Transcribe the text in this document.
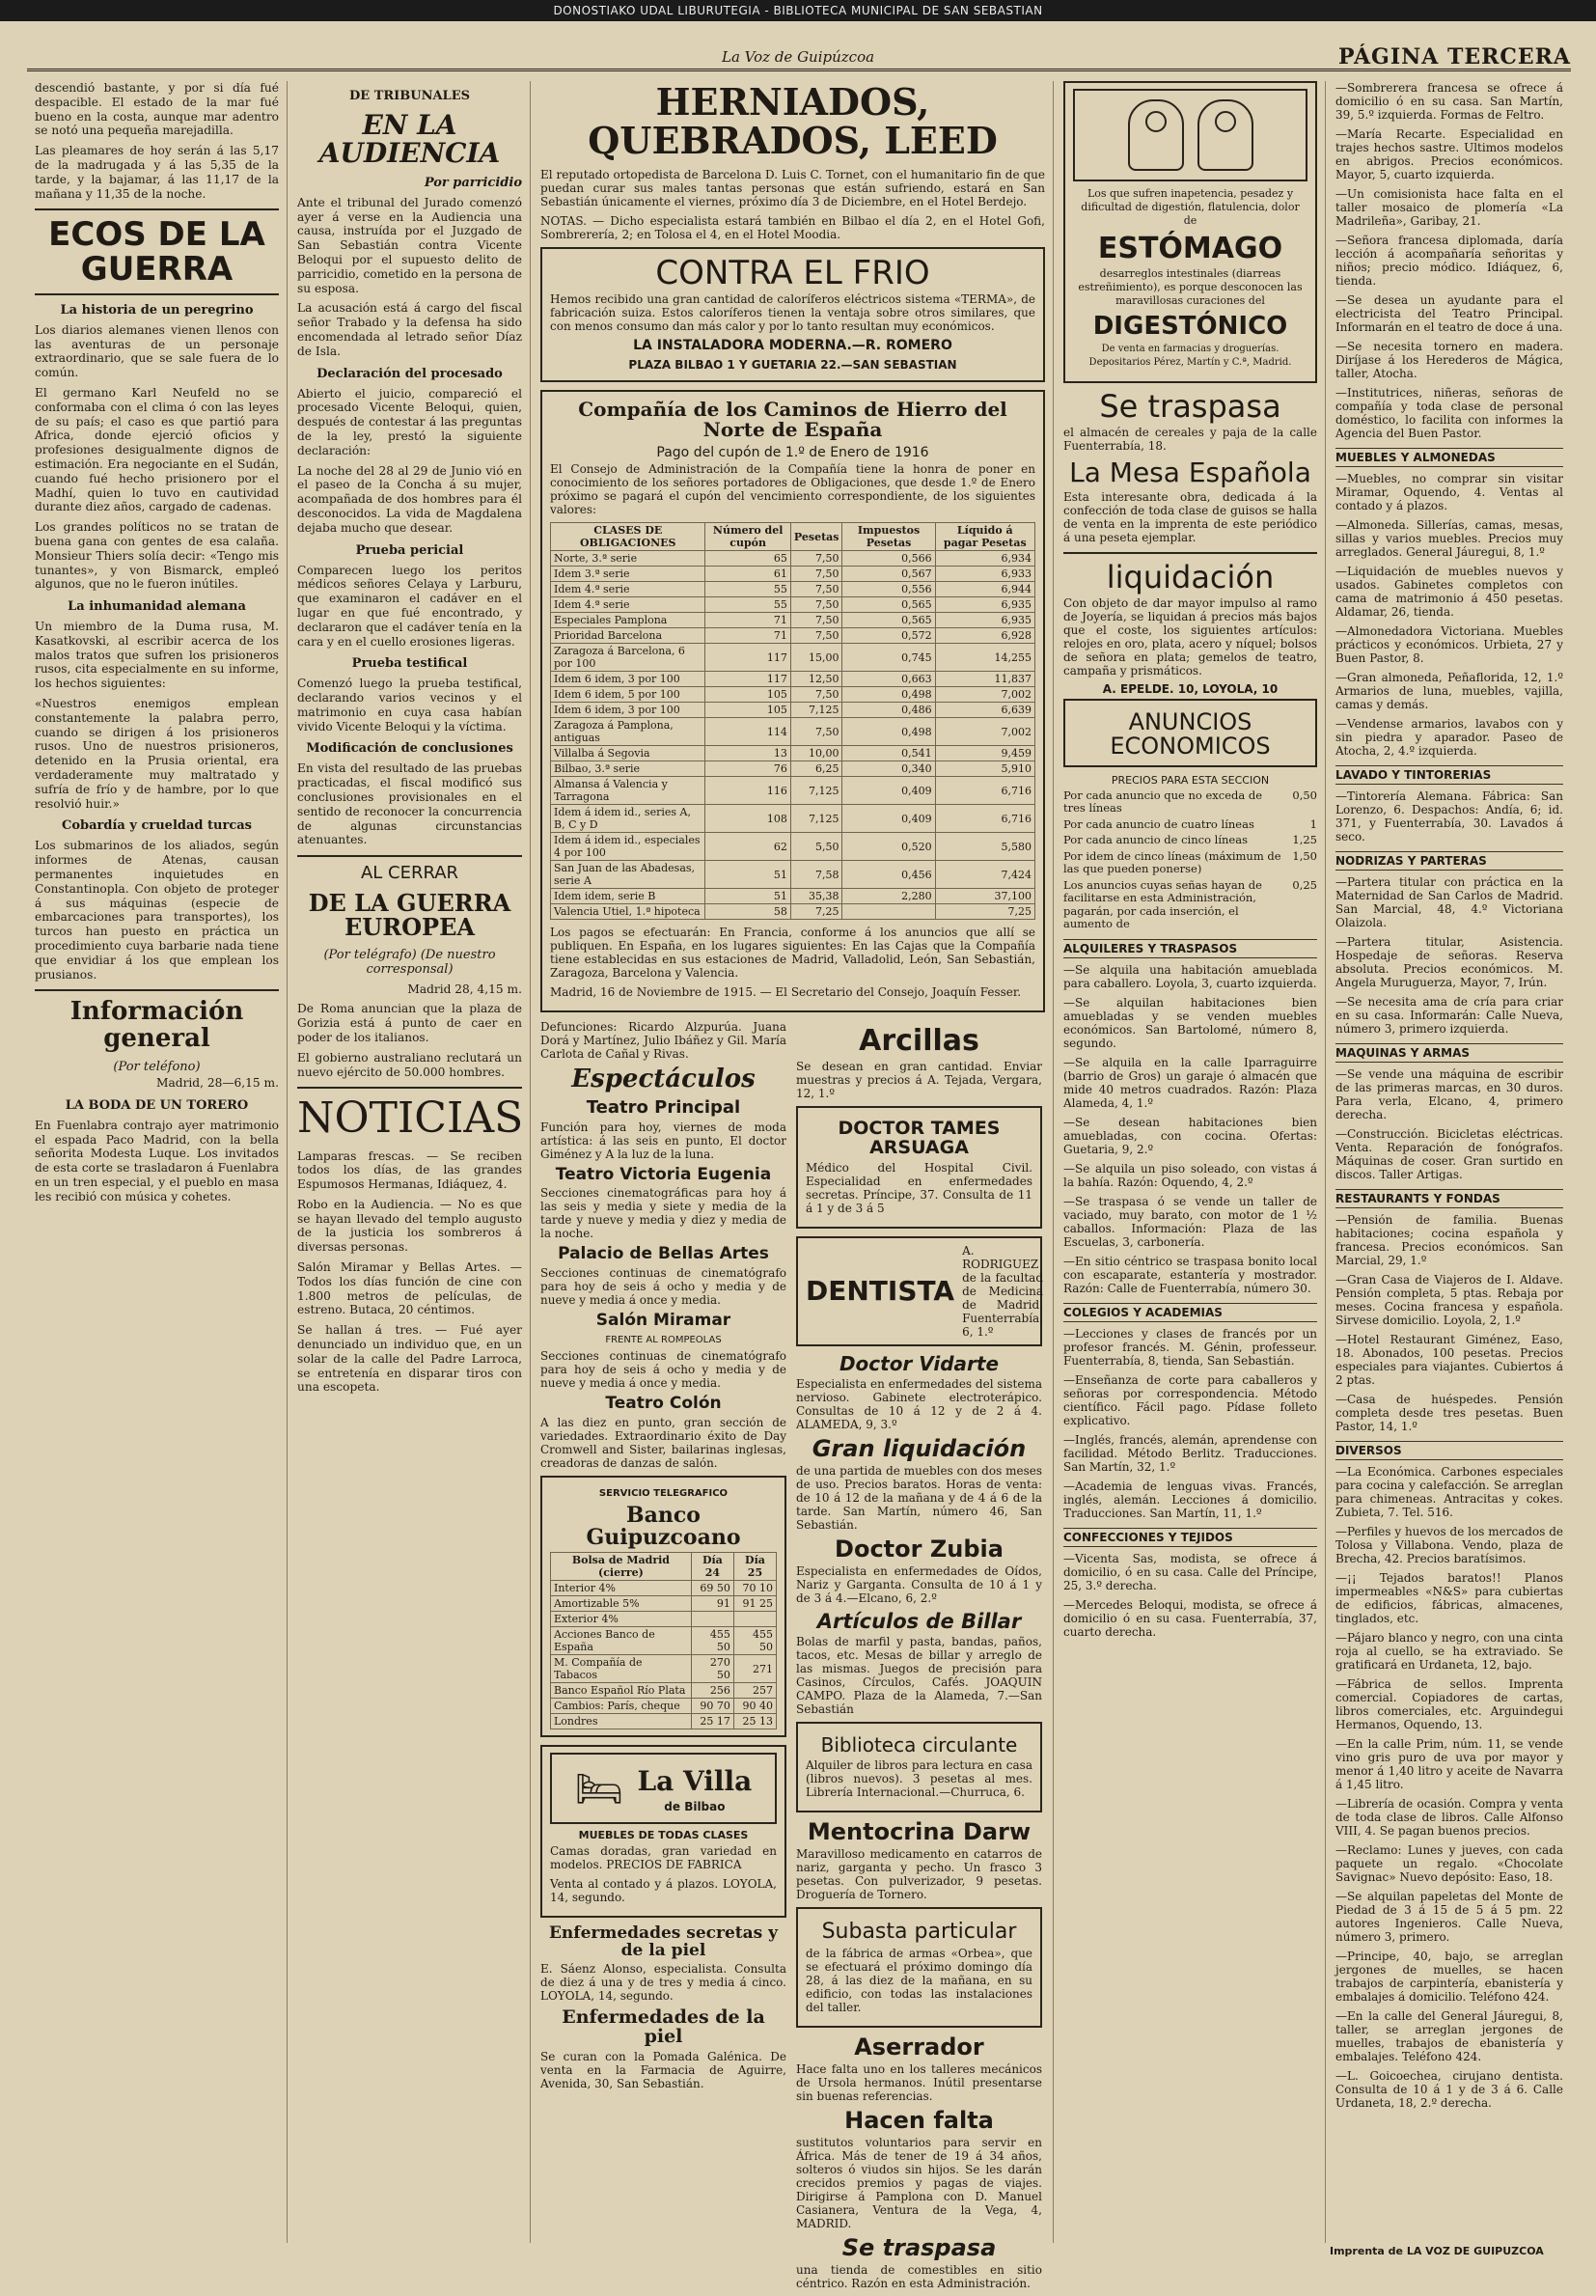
DONOSTIAKO UDAL LIBURUTEGIA - BIBLIOTECA MUNICIPAL DE SAN SEBASTIAN
La Voz de Guipúzcoa	PÁGINA TERCERA

descendió bastante, y por si día fué despacible. El estado de la mar fué bueno en la costa, aunque mar adentro se notó una pequeña marejadilla.

Las pleamares de hoy serán á las 5,17 de la madrugada y á las 5,35 de la tarde, y la bajamar, á las 11,17 de la mañana y 11,35 de la noche.

ECOS DE LA GUERRA
La historia de un peregrino

Los diarios alemanes vienen llenos con las aventuras de un personaje extraordinario, que se sale fuera de lo común.

El germano Karl Neufeld no se conformaba con el clima ó con las leyes de su país; el caso es que partió para Africa, donde ejerció oficios y profesiones desigualmente dignos de estimación. Era negociante en el Sudán, cuando fué hecho prisionero por el Madhí, quien lo tuvo en cautividad durante diez años, cargado de cadenas.

Los grandes políticos no se tratan de buena gana con gentes de esa calaña. Monsieur Thiers solía decir: «Tengo mis tunantes», y von Bismarck, empleó algunos, que no le fueron inútiles.

La inhumanidad alemana

Un miembro de la Duma rusa, M. Kasatkovski, al escribir acerca de los malos tratos que sufren los prisioneros rusos, cita especialmente en su informe, los hechos siguientes:

«Nuestros enemigos emplean constantemente la palabra perro, cuando se dirigen á los prisioneros rusos. Uno de nuestros prisioneros, detenido en la Prusia oriental, era verdaderamente muy maltratado y sufría de frío y de hambre, por lo que resolvió huir.»

Cobardía y crueldad turcas

Los submarinos de los aliados, según informes de Atenas, causan permanentes inquietudes en Constantinopla. Con objeto de proteger á sus máquinas (especie de embarcaciones para transportes), los turcos han puesto en práctica un procedimiento cuya barbarie nada tiene que envidiar á los que emplean los prusianos.

Información general
(Por teléfono)

Madrid, 28—6,15 m.

LA BODA DE UN TORERO

En Fuenlabra contrajo ayer matrimonio el espada Paco Madrid, con la bella señorita Modesta Luque. Los invitados de esta corte se trasladaron á Fuenlabra en un tren especial, y el pueblo en masa les recibió con música y cohetes.

DE TRIBUNALES
EN LA AUDIENCIA
Por parricidio

Ante el tribunal del Jurado comenzó ayer á verse en la Audiencia una causa, instruída por el Juzgado de San Sebastián contra Vicente Beloqui por el supuesto delito de parricidio, cometido en la persona de su esposa.

La acusación está á cargo del fiscal señor Trabado y la defensa ha sido encomendada al letrado señor Díaz de Isla.

Declaración del procesado

Abierto el juicio, compareció el procesado Vicente Beloqui, quien, después de contestar á las preguntas de la ley, prestó la siguiente declaración:

La noche del 28 al 29 de Junio vió en el paseo de la Concha á su mujer, acompañada de dos hombres para él desconocidos. La vida de Magdalena dejaba mucho que desear.

Prueba pericial

Comparecen luego los peritos médicos señores Celaya y Larburu, que examinaron el cadáver en el lugar en que fué encontrado, y declararon que el cadáver tenía en la cara y en el cuello erosiones ligeras.

Prueba testifical

Comenzó luego la prueba testifical, declarando varios vecinos y el matrimonio en cuya casa habían vivido Vicente Beloqui y la víctima.

Modificación de conclusiones

En vista del resultado de las pruebas practicadas, el fiscal modificó sus conclusiones provisionales en el sentido de reconocer la concurrencia de algunas circunstancias atenuantes.

AL CERRAR
DE LA GUERRA EUROPEA
(Por telégrafo) (De nuestro corresponsal)

Madrid 28, 4,15 m.

De Roma anuncian que la plaza de Gorizia está á punto de caer en poder de los italianos.

El gobierno australiano reclutará un nuevo ejército de 50.000 hombres.

NOTICIAS

Lamparas frescas. — Se reciben todos los días, de las grandes Espumosos Hermanas, Idiáquez, 4.

Robo en la Audiencia. — No es que se hayan llevado del templo augusto de la justicia los sombreros á diversas personas.

Salón Miramar y Bellas Artes. — Todos los días función de cine con 1.800 metros de películas, de estreno. Butaca, 20 céntimos.

Se hallan á tres. — Fué ayer denunciado un individuo que, en un solar de la calle del Padre Larroca, se entretenía en disparar tiros con una escopeta.

HERNIADOS, QUEBRADOS, LEED

El reputado ortopedista de Barcelona D. Luis C. Tornet, con el humanitario fin de que puedan curar sus males tantas personas que están sufriendo, estará en San Sebastián únicamente el viernes, próximo día 3 de Diciembre, en el Hotel Berdejo.

NOTAS. — Dicho especialista estará también en Bilbao el día 2, en el Hotel Gofi, Sombrerería, 2; en Tolosa el 4, en el Hotel Moodia.

CONTRA EL FRIO

Hemos recibido una gran cantidad de caloríferos eléctricos sistema «TERMA», de fabricación suiza. Estos caloríferos tienen la ventaja sobre otros similares, que con menos consumo dan más calor y por lo tanto resultan muy económicos.

LA INSTALADORA MODERNA.—R. ROMERO
PLAZA BILBAO 1 Y GUETARIA 22.—SAN SEBASTIAN
Compañía de los Caminos de Hierro del Norte de España
Pago del cupón de 1.º de Enero de 1916

El Consejo de Administración de la Compañía tiene la honra de poner en conocimiento de los señores portadores de Obligaciones, que desde 1.º de Enero próximo se pagará el cupón del vencimiento correspondiente, de los siguientes valores:

CLASES DE OBLIGACIONES	Número del cupón	Pesetas	Impuestos Pesetas	Líquido á pagar Pesetas
Norte, 3.ª serie	65	7,50	0,566	6,934
Idem 3.ª serie	61	7,50	0,567	6,933
Idem 4.ª serie	55	7,50	0,556	6,944
Idem 4.ª serie	55	7,50	0,565	6,935
Especiales Pamplona	71	7,50	0,565	6,935
Prioridad Barcelona	71	7,50	0,572	6,928
Zaragoza á Barcelona, 6 por 100	117	15,00	0,745	14,255
Idem 6 idem, 3 por 100	117	12,50	0,663	11,837
Idem 6 idem, 5 por 100	105	7,50	0,498	7,002
Idem 6 idem, 3 por 100	105	7,125	0,486	6,639
Zaragoza á Pamplona, antiguas	114	7,50	0,498	7,002
Villalba á Segovia	13	10,00	0,541	9,459
Bilbao, 3.ª serie	76	6,25	0,340	5,910
Almansa á Valencia y Tarragona	116	7,125	0,409	6,716
Idem á idem id., series A, B, C y D	108	7,125	0,409	6,716
Idem á idem id., especiales 4 por 100	62	5,50	0,520	5,580
San Juan de las Abadesas, serie A	51	7,58	0,456	7,424
Idem idem, serie B	51	35,38	2,280	37,100
Valencia Utiel, 1.ª hipoteca	58	7,25		7,25

Los pagos se efectuarán: En Francia, conforme á los anuncios que allí se publiquen. En España, en los lugares siguientes: En las Cajas que la Compañía tiene establecidas en sus estaciones de Madrid, Valladolid, León, San Sebastián, Zaragoza, Barcelona y Valencia.

Madrid, 16 de Noviembre de 1915. — El Secretario del Consejo, Joaquín Fesser.

Defunciones: Ricardo Alzpurúa. Juana Dorá y Martínez, Julio Ibáñez y Gil. María Carlota de Cañal y Rivas.

Espectáculos
Teatro Principal

Función para hoy, viernes de moda artística: á las seis en punto, El doctor Giménez y A la luz de la luna.

Teatro Victoria Eugenia

Secciones cinematográficas para hoy á las seis y media y siete y media de la tarde y nueve y media y diez y media de la noche.

Palacio de Bellas Artes

Secciones continuas de cinematógrafo para hoy de seis á ocho y media y de nueve y media á once y media.

Salón Miramar
FRENTE AL ROMPEOLAS

Secciones continuas de cinematógrafo para hoy de seis á ocho y media y de nueve y media á once y media.

Teatro Colón

A las diez en punto, gran sección de variedades. Extraordinario éxito de Day Cromwell and Sister, bailarinas inglesas, creadoras de danzas de salón.

SERVICIO TELEGRAFICO
Banco Guipuzcoano
Bolsa de Madrid (cierre)	Día 24	Día 25
Interior 4%	69 50	70 10
Amortizable 5%	91	91 25
Exterior 4%		
Acciones Banco de España	455 50	455 50
M. Compañía de Tabacos	270 50	271
Banco Español Río Plata	256	257
Cambios: París, cheque	90 70	90 40
Londres	25 17	25 13
🛏 La Villa
de Bilbao
MUEBLES DE TODAS CLASES

Camas doradas, gran variedad en modelos. PRECIOS DE FABRICA

Venta al contado y á plazos. LOYOLA, 14, segundo.

Enfermedades secretas y de la piel

E. Sáenz Alonso, especialista. Consulta de diez á una y de tres y media á cinco. LOYOLA, 14, segundo.

Enfermedades de la piel

Se curan con la Pomada Galénica. De venta en la Farmacia de Aguirre, Avenida, 30, San Sebastián.

Arcillas

Se desean en gran cantidad. Enviar muestras y precios á A. Tejada, Vergara, 12, 1.º

DOCTOR TAMES ARSUAGA

Médico del Hospital Civil. Especialidad en enfermedades secretas. Príncipe, 37. Consulta de 11 á 1 y de 3 á 5

DENTISTA

A. RODRIGUEZ de la facultad de Medicina de Madrid. Fuenterrabía, 6, 1.º

Doctor Vidarte

Especialista en enfermedades del sistema nervioso. Gabinete electroterápico. Consultas de 10 á 12 y de 2 á 4. ALAMEDA, 9, 3.º

Gran liquidación

de una partida de muebles con dos meses de uso. Precios baratos. Horas de venta: de 10 á 12 de la mañana y de 4 á 6 de la tarde. San Martín, número 46, San Sebastián.

Doctor Zubia

Especialista en enfermedades de Oídos, Nariz y Garganta. Consulta de 10 á 1 y de 3 á 4.—Elcano, 6, 2.º

Artículos de Billar

Bolas de marfil y pasta, bandas, paños, tacos, etc. Mesas de billar y arreglo de las mismas. Juegos de precisión para Casinos, Círculos, Cafés. JOAQUIN CAMPO. Plaza de la Alameda, 7.—San Sebastián

Biblioteca circulante

Alquiler de libros para lectura en casa (libros nuevos). 3 pesetas al mes. Librería Internacional.—Churruca, 6.

Mentocrina Darw

Maravilloso medicamento en catarros de nariz, garganta y pecho. Un frasco 3 pesetas. Con pulverizador, 9 pesetas. Droguería de Tornero.

Subasta particular

de la fábrica de armas «Orbea», que se efectuará el próximo domingo día 28, á las diez de la mañana, en su edificio, con todas las instalaciones del taller.

Aserrador

Hace falta uno en los talleres mecánicos de Ursola hermanos. Inútil presentarse sin buenas referencias.

Hacen falta

sustitutos voluntarios para servir en África. Más de tener de 19 á 34 años, solteros ó viudos sin hijos. Se les darán crecidos premios y pagas de viajes. Dirigirse á Pamplona con D. Manuel Casianera, Ventura de la Vega, 4, MADRID.

Se traspasa

una tienda de comestibles en sitio céntrico. Razón en esta Administración.

Los que sufren inapetencia, pesadez y dificultad de digestión, flatulencia, dolor de

ESTÓMAGO

desarreglos intestinales (diarreas estreñimiento), es porque desconocen las maravillosas curaciones del

DIGESTÓNICO

De venta en farmacias y droguerías. Depositarios Pérez, Martín y C.ª, Madrid.

Se traspasa

el almacén de cereales y paja de la calle Fuenterrabía, 18.

La Mesa Española

Esta interesante obra, dedicada á la confección de toda clase de guisos se halla de venta en la imprenta de este periódico á una peseta ejemplar.

liquidación

Con objeto de dar mayor impulso al ramo de Joyería, se liquidan á precios más bajos que el coste, los siguientes artículos: relojes en oro, plata, acero y níquel; bolsos de señora en plata; gemelos de teatro, campaña y prismáticos.

A. EPELDE. 10, LOYOLA, 10
ANUNCIOS ECONOMICOS
PRECIOS PARA ESTA SECCION
Por cada anuncio que no exceda de tres líneas
0,50
Por cada anuncio de cuatro líneas	1
Por cada anuncio de cinco líneas	1,25
Por idem de cinco líneas (máximum de las que pueden ponerse)
1,50
Los anuncios cuyas señas hayan de facilitarse en esta Administración, pagarán, por cada inserción, el aumento de
0,25
ALQUILERES Y TRASPASOS

—Se alquila una habitación amueblada para caballero. Loyola, 3, cuarto izquierda.

—Se alquilan habitaciones bien amuebladas y se venden muebles económicos. San Bartolomé, número 8, segundo.

—Se alquila en la calle Iparraguirre (barrio de Gros) un garaje ó almacén que mide 40 metros cuadrados. Razón: Plaza Alameda, 4, 1.º

—Se desean habitaciones bien amuebladas, con cocina. Ofertas: Guetaria, 9, 2.º

—Se alquila un piso soleado, con vistas á la bahía. Razón: Oquendo, 4, 2.º

—Se traspasa ó se vende un taller de vaciado, muy barato, con motor de 1 ½ caballos. Información: Plaza de las Escuelas, 3, carbonería.

—En sitio céntrico se traspasa bonito local con escaparate, estantería y mostrador. Razón: Calle de Fuenterrabía, número 30.

COLEGIOS Y ACADEMIAS

—Lecciones y clases de francés por un profesor francés. M. Génin, professeur. Fuenterrabía, 8, tienda, San Sebastián.

—Enseñanza de corte para caballeros y señoras por correspondencia. Método científico. Fácil pago. Pídase folleto explicativo.

—Inglés, francés, alemán, aprendense con facilidad. Método Berlitz. Traducciones. San Martín, 32, 1.º

—Academia de lenguas vivas. Francés, inglés, alemán. Lecciones á domicilio. Traducciones. San Martín, 11, 1.º

CONFECCIONES Y TEJIDOS

—Vicenta Sas, modista, se ofrece á domicilio, ó en su casa. Calle del Príncipe, 25, 3.º derecha.

—Mercedes Beloqui, modista, se ofrece á domicilio ó en su casa. Fuenterrabía, 37, cuarto derecha.

—Sombrerera francesa se ofrece á domicilio ó en su casa. San Martín, 39, 5.º izquierda. Formas de Feltro.

—María Recarte. Especialidad en trajes hechos sastre. Ultimos modelos en abrigos. Precios económicos. Mayor, 5, cuarto izquierda.

—Un comisionista hace falta en el taller mosaico de plomería «La Madrileña», Garibay, 21.

—Señora francesa diplomada, daría lección á acompañaría señoritas y niños; precio módico. Idiáquez, 6, tienda.

—Se desea un ayudante para el electricista del Teatro Principal. Informarán en el teatro de doce á una.

—Se necesita tornero en madera. Diríjase á los Herederos de Mágica, taller, Atocha.

—Institutrices, niñeras, señoras de compañía y toda clase de personal doméstico, lo facilita con informes la Agencia del Buen Pastor.

MUEBLES Y ALMONEDAS

—Muebles, no comprar sin visitar Miramar, Oquendo, 4. Ventas al contado y á plazos.

—Almoneda. Sillerías, camas, mesas, sillas y varios muebles. Precios muy arreglados. General Jáuregui, 8, 1.º

—Liquidación de muebles nuevos y usados. Gabinetes completos con cama de matrimonio á 450 pesetas. Aldamar, 26, tienda.

—Almonedadora Victoriana. Muebles prácticos y económicos. Urbieta, 27 y Buen Pastor, 8.

—Gran almoneda, Peñaflorida, 12, 1.º Armarios de luna, muebles, vajilla, camas y demás.

—Vendense armarios, lavabos con y sin piedra y aparador. Paseo de Atocha, 2, 4.º izquierda.

LAVADO Y TINTORERIAS

—Tintorería Alemana. Fábrica: San Lorenzo, 6. Despachos: Andía, 6; id. 371, y Fuenterrabía, 30. Lavados á seco.

NODRIZAS Y PARTERAS

—Partera titular con práctica en la Maternidad de San Carlos de Madrid. San Marcial, 48, 4.º Victoriana Olaizola.

—Partera titular, Asistencia. Hospedaje de señoras. Reserva absoluta. Precios económicos. M. Angela Muruguerza, Mayor, 7, Irún.

—Se necesita ama de cría para criar en su casa. Informarán: Calle Nueva, número 3, primero izquierda.

MAQUINAS Y ARMAS

—Se vende una máquina de escribir de las primeras marcas, en 30 duros. Para verla, Elcano, 4, primero derecha.

—Construcción. Bicicletas eléctricas. Venta. Reparación de fonógrafos. Máquinas de coser. Gran surtido en discos. Taller Artigas.

RESTAURANTS Y FONDAS

—Pensión de familia. Buenas habitaciones; cocina española y francesa. Precios económicos. San Marcial, 29, 1.º

—Gran Casa de Viajeros de I. Aldave. Pensión completa, 5 ptas. Rebaja por meses. Cocina francesa y española. Sirvese domicilio. Loyola, 2, 1.º

—Hotel Restaurant Giménez, Easo, 18. Abonados, 100 pesetas. Precios especiales para viajantes. Cubiertos á 2 ptas.

—Casa de huéspedes. Pensión completa desde tres pesetas. Buen Pastor, 14, 1.º

DIVERSOS

—La Económica. Carbones especiales para cocina y calefacción. Se arreglan para chimeneas. Antracitas y cokes. Zubieta, 7. Tel. 516.

—Perfiles y huevos de los mercados de Tolosa y Villabona. Vendo, plaza de Brecha, 42. Precios baratísimos.

—¡¡ Tejados baratos!! Planos impermeables «N&S» para cubiertas de edificios, fábricas, almacenes, tinglados, etc.

—Pájaro blanco y negro, con una cinta roja al cuello, se ha extraviado. Se gratificará en Urdaneta, 12, bajo.

—Fábrica de sellos. Imprenta comercial. Copiadores de cartas, libros comerciales, etc. Arguindegui Hermanos, Oquendo, 13.

—En la calle Prim, núm. 11, se vende vino gris puro de uva por mayor y menor á 1,40 litro y aceite de Navarra á 1,45 litro.

—Librería de ocasión. Compra y venta de toda clase de libros. Calle Alfonso VIII, 4. Se pagan buenos precios.

—Reclamo: Lunes y jueves, con cada paquete un regalo. «Chocolate Savignac» Nuevo depósito: Easo, 18.

—Se alquilan papeletas del Monte de Piedad de 3 á 15 de 5 á 5 pm. 22 autores Ingenieros. Calle Nueva, número 3, primero.

—Principe, 40, bajo, se arreglan jergones de muelles, se hacen trabajos de carpintería, ebanistería y embalajes á domicilio. Teléfono 424.

—En la calle del General Jáuregui, 8, taller, se arreglan jergones de muelles, trabajos de ebanistería y embalajes. Teléfono 424.

—L. Goicoechea, cirujano dentista. Consulta de 10 á 1 y de 3 á 6. Calle Urdaneta, 18, 2.º derecha.

Imprenta de LA VOZ DE GUIPUZCOA
